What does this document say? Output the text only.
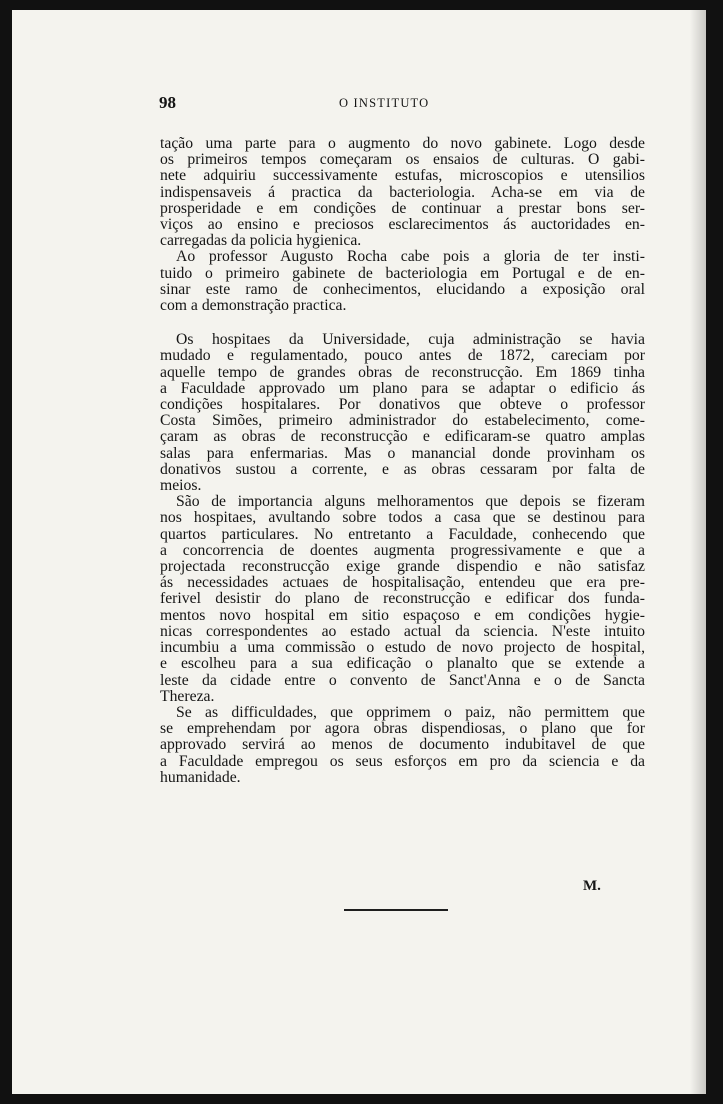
98	O INSTITUTO
tação uma parte para o augmento do novo gabinete. Logo desde
os primeiros tempos começaram os ensaios de culturas. O gabi-
nete adquiriu successivamente estufas, microscopios e utensilios
indispensaveis á practica da bacteriologia. Acha-se em via de
prosperidade e em condições de continuar a prestar bons ser-
viços ao ensino e preciosos esclarecimentos ás auctoridades en-
carregadas da policia hygienica.
Ao professor Augusto Rocha cabe pois a gloria de ter insti-
tuido o primeiro gabinete de bacteriologia em Portugal e de en-
sinar este ramo de conhecimentos, elucidando a exposição oral
com a demonstração practica.
Os hospitaes da Universidade, cuja administração se havia
mudado e regulamentado, pouco antes de 1872, careciam por
aquelle tempo de grandes obras de reconstrucção. Em 1869 tinha
a Faculdade approvado um plano para se adaptar o edificio ás
condições hospitalares. Por donativos que obteve o professor
Costa Simões, primeiro administrador do estabelecimento, come-
çaram as obras de reconstrucção e edificaram-se quatro amplas
salas para enfermarias. Mas o manancial donde provinham os
donativos sustou a corrente, e as obras cessaram por falta de
meios.
São de importancia alguns melhoramentos que depois se fizeram
nos hospitaes, avultando sobre todos a casa que se destinou para
quartos particulares. No entretanto a Faculdade, conhecendo que
a concorrencia de doentes augmenta progressivamente e que a
projectada reconstrucção exige grande dispendio e não satisfaz
ás necessidades actuaes de hospitalisação, entendeu que era pre-
ferivel desistir do plano de reconstrucção e edificar dos funda-
mentos novo hospital em sitio espaçoso e em condições hygie-
nicas correspondentes ao estado actual da sciencia. N'este intuito
incumbiu a uma commissão o estudo de novo projecto de hospital,
e escolheu para a sua edificação o planalto que se extende a
leste da cidade entre o convento de Sanct'Anna e o de Sancta
Thereza.
Se as difficuldades, que opprimem o paiz, não permittem que
se emprehendam por agora obras dispendiosas, o plano que for
approvado servirá ao menos de documento indubitavel de que
a Faculdade empregou os seus esforços em pro da sciencia e da
humanidade.
M.
